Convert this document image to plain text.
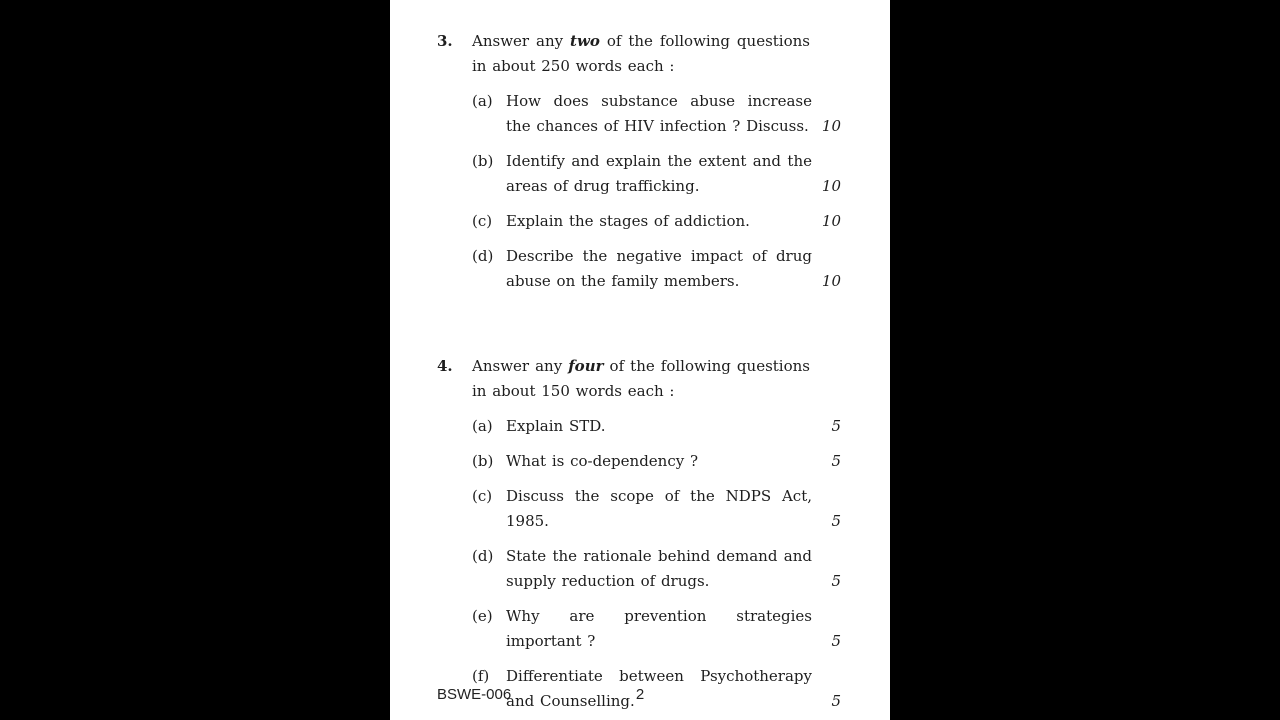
3.	Answer any two of the following questions in about 250 words each :

(a) How does substance abuse increase the chances of HIV infection ? Discuss. 10
(b) Identify and explain the extent and the areas of drug trafficking.	10
(c) Explain the stages of addiction.	10
(d) Describe the negative impact of drug abuse on the family members.	10
4.	Answer any four of the following questions in about 150 words each :

(a) Explain STD.	5
(b) What is co-dependency ?	5
(c) Discuss the scope of the NDPS Act, 1985.	5
(d) State the rationale behind demand and supply reduction of drugs.	5
(e) Why are prevention strategies important ?	5
(f)	Differentiate between Psychotherapy and Counselling.	5
BSWE-006	2
